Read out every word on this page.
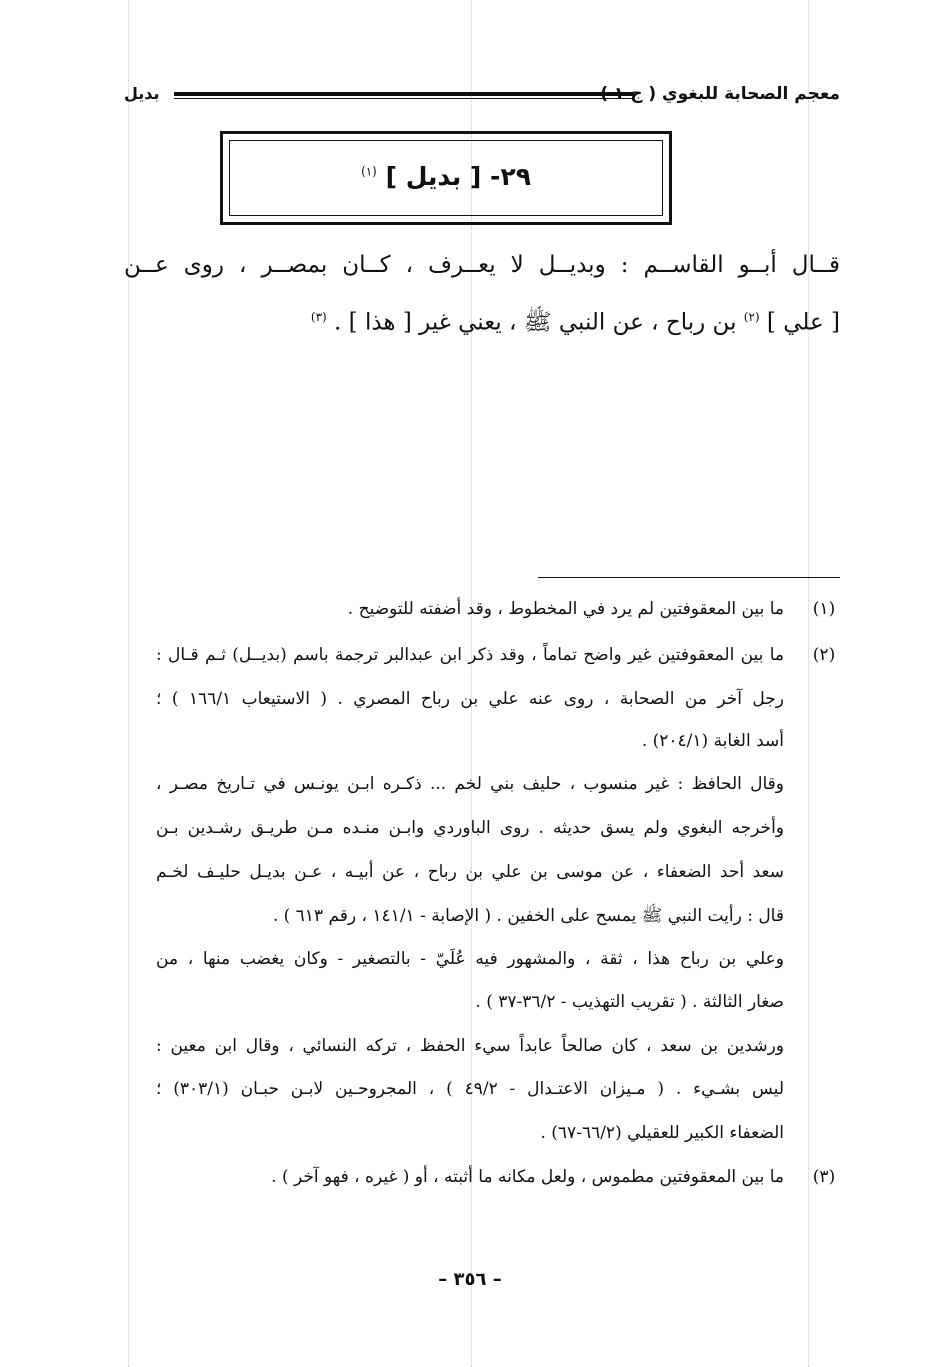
معجم الصحابة للبغوي ( ج ١ )
بديل
٢٩- [ بديل ] $^{(١)}$
قــال أبــو القاســم : وبديــل لا يعــرف ، كــان بمصــر ، روى عــن
[ علي ] $^{(٢)}$ بن رباح ، عن النبي ﷺ ، يعني غير [ هذا ] . $^{(٣)}$
(١)
ما بين المعقوفتين لم يرد في المخطوط ، وقد أضفته للتوضيح .
(٢)
ما بين المعقوفتين غير واضح تماماً ، وقد ذكر ابن عبدالبر ترجمة باسم (بديــل) ثـم قـال :
رجل آخر من الصحابة ، روى عنه علي بن رباح المصري . ( الاستيعاب ١٦٦/١ ) ؛
أسد الغابة (٢٠٤/١) .
وقال الحافظ : غير منسوب ، حليف بني لخم ... ذكـره ابـن يونـس في تـاريخ مصـر ،
وأخرجه البغوي ولم يسق حديثه . روى الباوردي وابـن منـده مـن طريـق رشـدين بـن
سعد أحد الضعفاء ، عن موسى بن علي بن رباح ، عن أبيـه ، عـن بديـل حليـف لخـم
قال : رأيت النبي ﷺ يمسح على الخفين . ( الإصابة - ١٤١/١ ، رقم ٦١٣ ) .
وعلي بن رباح هذا ، ثقة ، والمشهور فيه عُلَيّ - بالتصغير - وكان يغضب منها ، من
صغار الثالثة . ( تقريب التهذيب - ٣٦/٢-٣٧ ) .
ورشدين بن سعد ، كان صالحاً عابداً سيء الحفظ ، تركه النسائي ، وقال ابن معين :
ليس بشـيء . ( مـيزان الاعتـدال - ٤٩/٢ ) ، المجروحـين لابـن حبـان (٣٠٣/١) ؛
الضعفاء الكبير للعقيلي (٦٦/٢-٦٧) .
(٣)
ما بين المعقوفتين مطموس ، ولعل مكانه ما أثبته ، أو ( غيره ، فهو آخر ) .
– ٣٥٦ –
